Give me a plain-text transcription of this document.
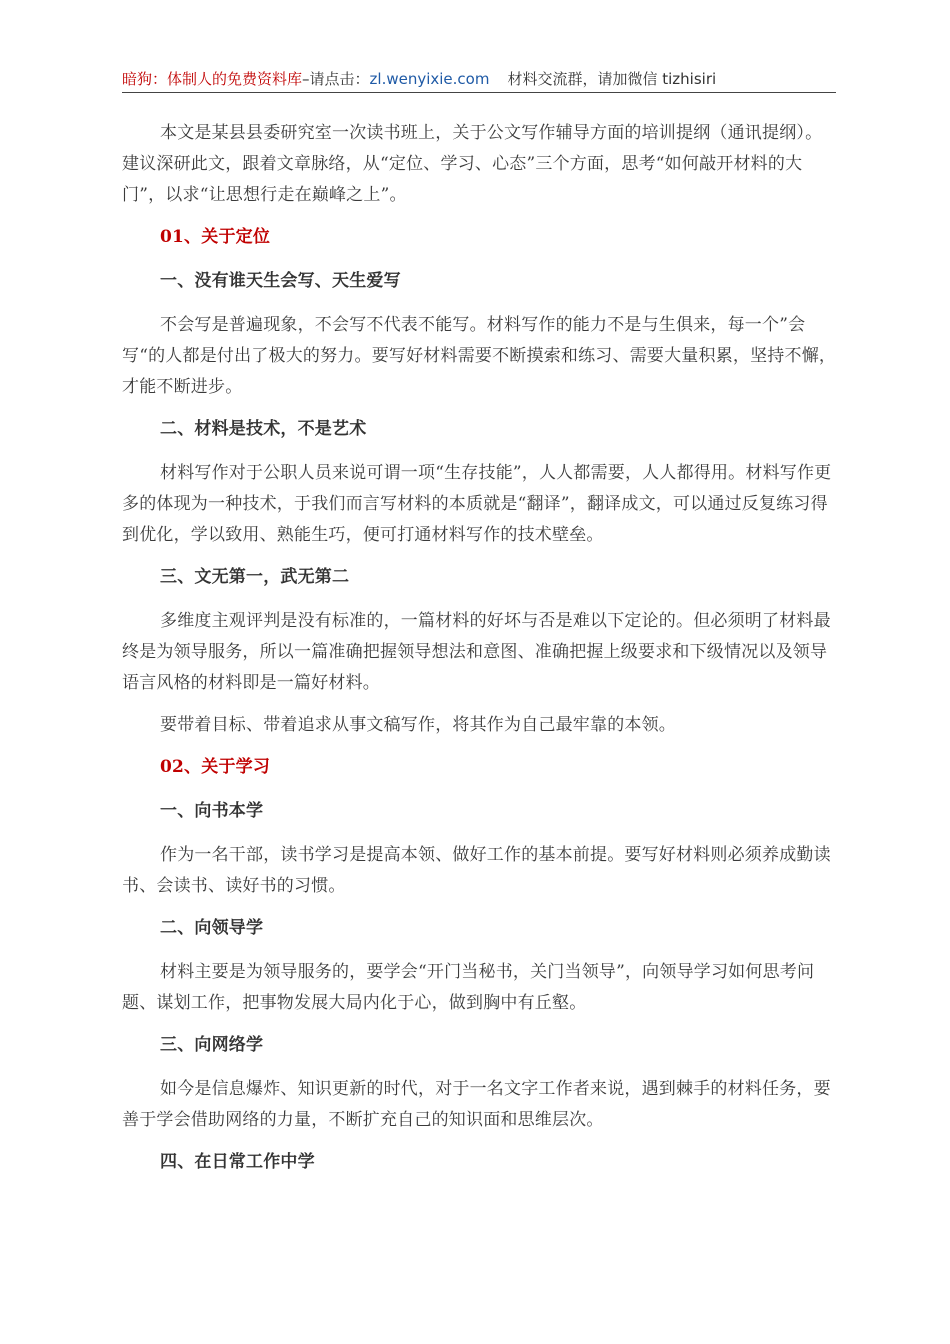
暗狗：体制人的免费资料库–请点击：zl.wenyixie.com 材料交流群，请加微信 tizhisiri

本文是某县县委研究室一次读书班上，关于公文写作辅导方面的培训提纲（通讯提纲）。建议深研此文，跟着文章脉络，从“定位、学习、心态”三个方面，思考“如何敲开材料的大门”，以求“让思想行走在巅峰之上”。

01、关于定位

一、没有谁天生会写、天生爱写

不会写是普遍现象，不会写不代表不能写。材料写作的能力不是与生俱来，每一个”会写“的人都是付出了极大的努力。要写好材料需要不断摸索和练习、需要大量积累，坚持不懈，才能不断进步。

二、材料是技术，不是艺术

材料写作对于公职人员来说可谓一项“生存技能”，人人都需要，人人都得用。材料写作更多的体现为一种技术，于我们而言写材料的本质就是“翻译”，翻译成文，可以通过反复练习得到优化，学以致用、熟能生巧，便可打通材料写作的技术壁垒。

三、文无第一，武无第二

多维度主观评判是没有标准的，一篇材料的好坏与否是难以下定论的。但必须明了材料最终是为领导服务，所以一篇准确把握领导想法和意图、准确把握上级要求和下级情况以及领导语言风格的材料即是一篇好材料。

要带着目标、带着追求从事文稿写作，将其作为自己最牢靠的本领。

02、关于学习

一、向书本学

作为一名干部，读书学习是提高本领、做好工作的基本前提。要写好材料则必须养成勤读书、会读书、读好书的习惯。

二、向领导学

材料主要是为领导服务的，要学会“开门当秘书，关门当领导”，向领导学习如何思考问题、谋划工作，把事物发展大局内化于心，做到胸中有丘壑。

三、向网络学

如今是信息爆炸、知识更新的时代，对于一名文字工作者来说，遇到棘手的材料任务，要善于学会借助网络的力量，不断扩充自己的知识面和思维层次。

四、在日常工作中学
